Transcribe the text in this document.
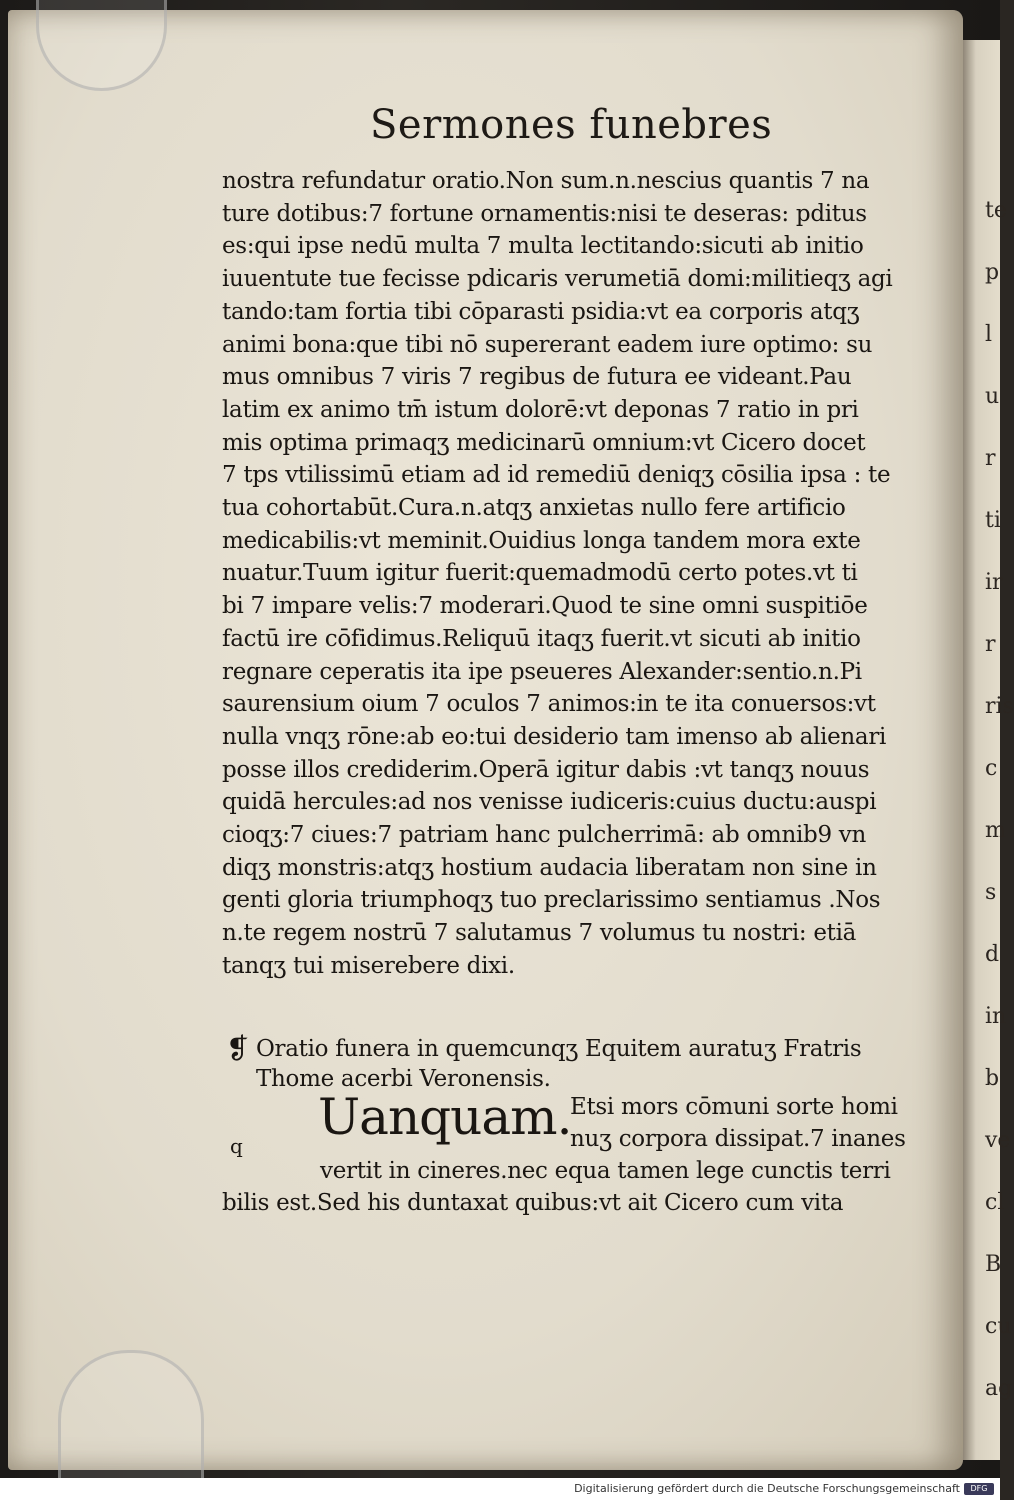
te
p
l
u
r
ti
ir
r
ris
c
m
s
d
in
b
ve
cl
B
cu
ag
Sermones funebres
nostra refundatur oratio.Non sum.n.nescius quantis 7 na
ture dotibus:7 fortune ornamentis:nisi te deseras: pditus
es:qui ipse nedū multa 7 multa lectitando:sicuti ab initio
iuuentute tue fecisse pdicaris verumetiā domi:militieqʒ agi
tando:tam fortia tibi cōparasti psidia:vt ea corporis atqʒ
animi bona:que tibi nō supererant eadem iure optimo: su
mus omnibus 7 viris 7 regibus de futura ee videant.Pau
latim ex animo tm̄ istum dolorē:vt deponas 7 ratio in pri
mis optima primaqʒ medicinarū omnium:vt Cicero docet
7 tps vtilissimū etiam ad id remediū deniqʒ cōsilia ipsa : te
tua cohortabūt.Cura.n.atqʒ anxietas nullo fere artificio
medicabilis:vt meminit.Ouidius longa tandem mora exte
nuatur.Tuum igitur fuerit:quemadmodū certo potes.vt ti
bi 7 impare velis:7 moderari.Quod te sine omni suspitiōe
factū ire cōfidimus.Reliquū itaqʒ fuerit.vt sicuti ab initio
regnare ceperatis ita ipe pseueres Alexander:sentio.n.Pi
saurensium oium 7 oculos 7 animos:in te ita conuersos:vt
nulla vnqʒ rōne:ab eo:tui desiderio tam imenso ab alienari
posse illos crediderim.Operā igitur dabis :vt tanqʒ nouus
quidā hercules:ad nos venisse iudiceris:cuius ductu:auspi
cioqʒ:7 ciues:7 patriam hanc pulcherrimā: ab omnib9 vn
diqʒ monstris:atqʒ hostium audacia liberatam non sine in
genti gloria triumphoqʒ tuo preclarissimo sentiamus .Nos
n.te regem nostrū 7 salutamus 7 volumus tu nostri: etiā
tanqʒ tui miserebere dixi.
❡ Oratio funera in quemcunqʒ Equitem auratuʒ Fratris
Thome acerbi Veronensis.
q Uanquam.
Etsi mors cōmuni sorte homi
nuʒ corpora dissipat.7 inanes
vertit in cineres.nec equa tamen lege cunctis terri
bilis est.Sed his duntaxat quibus:vt ait Cicero cum vita
Digitalisierung gefördert durch die Deutsche Forschungsgemeinschaft	DFG
